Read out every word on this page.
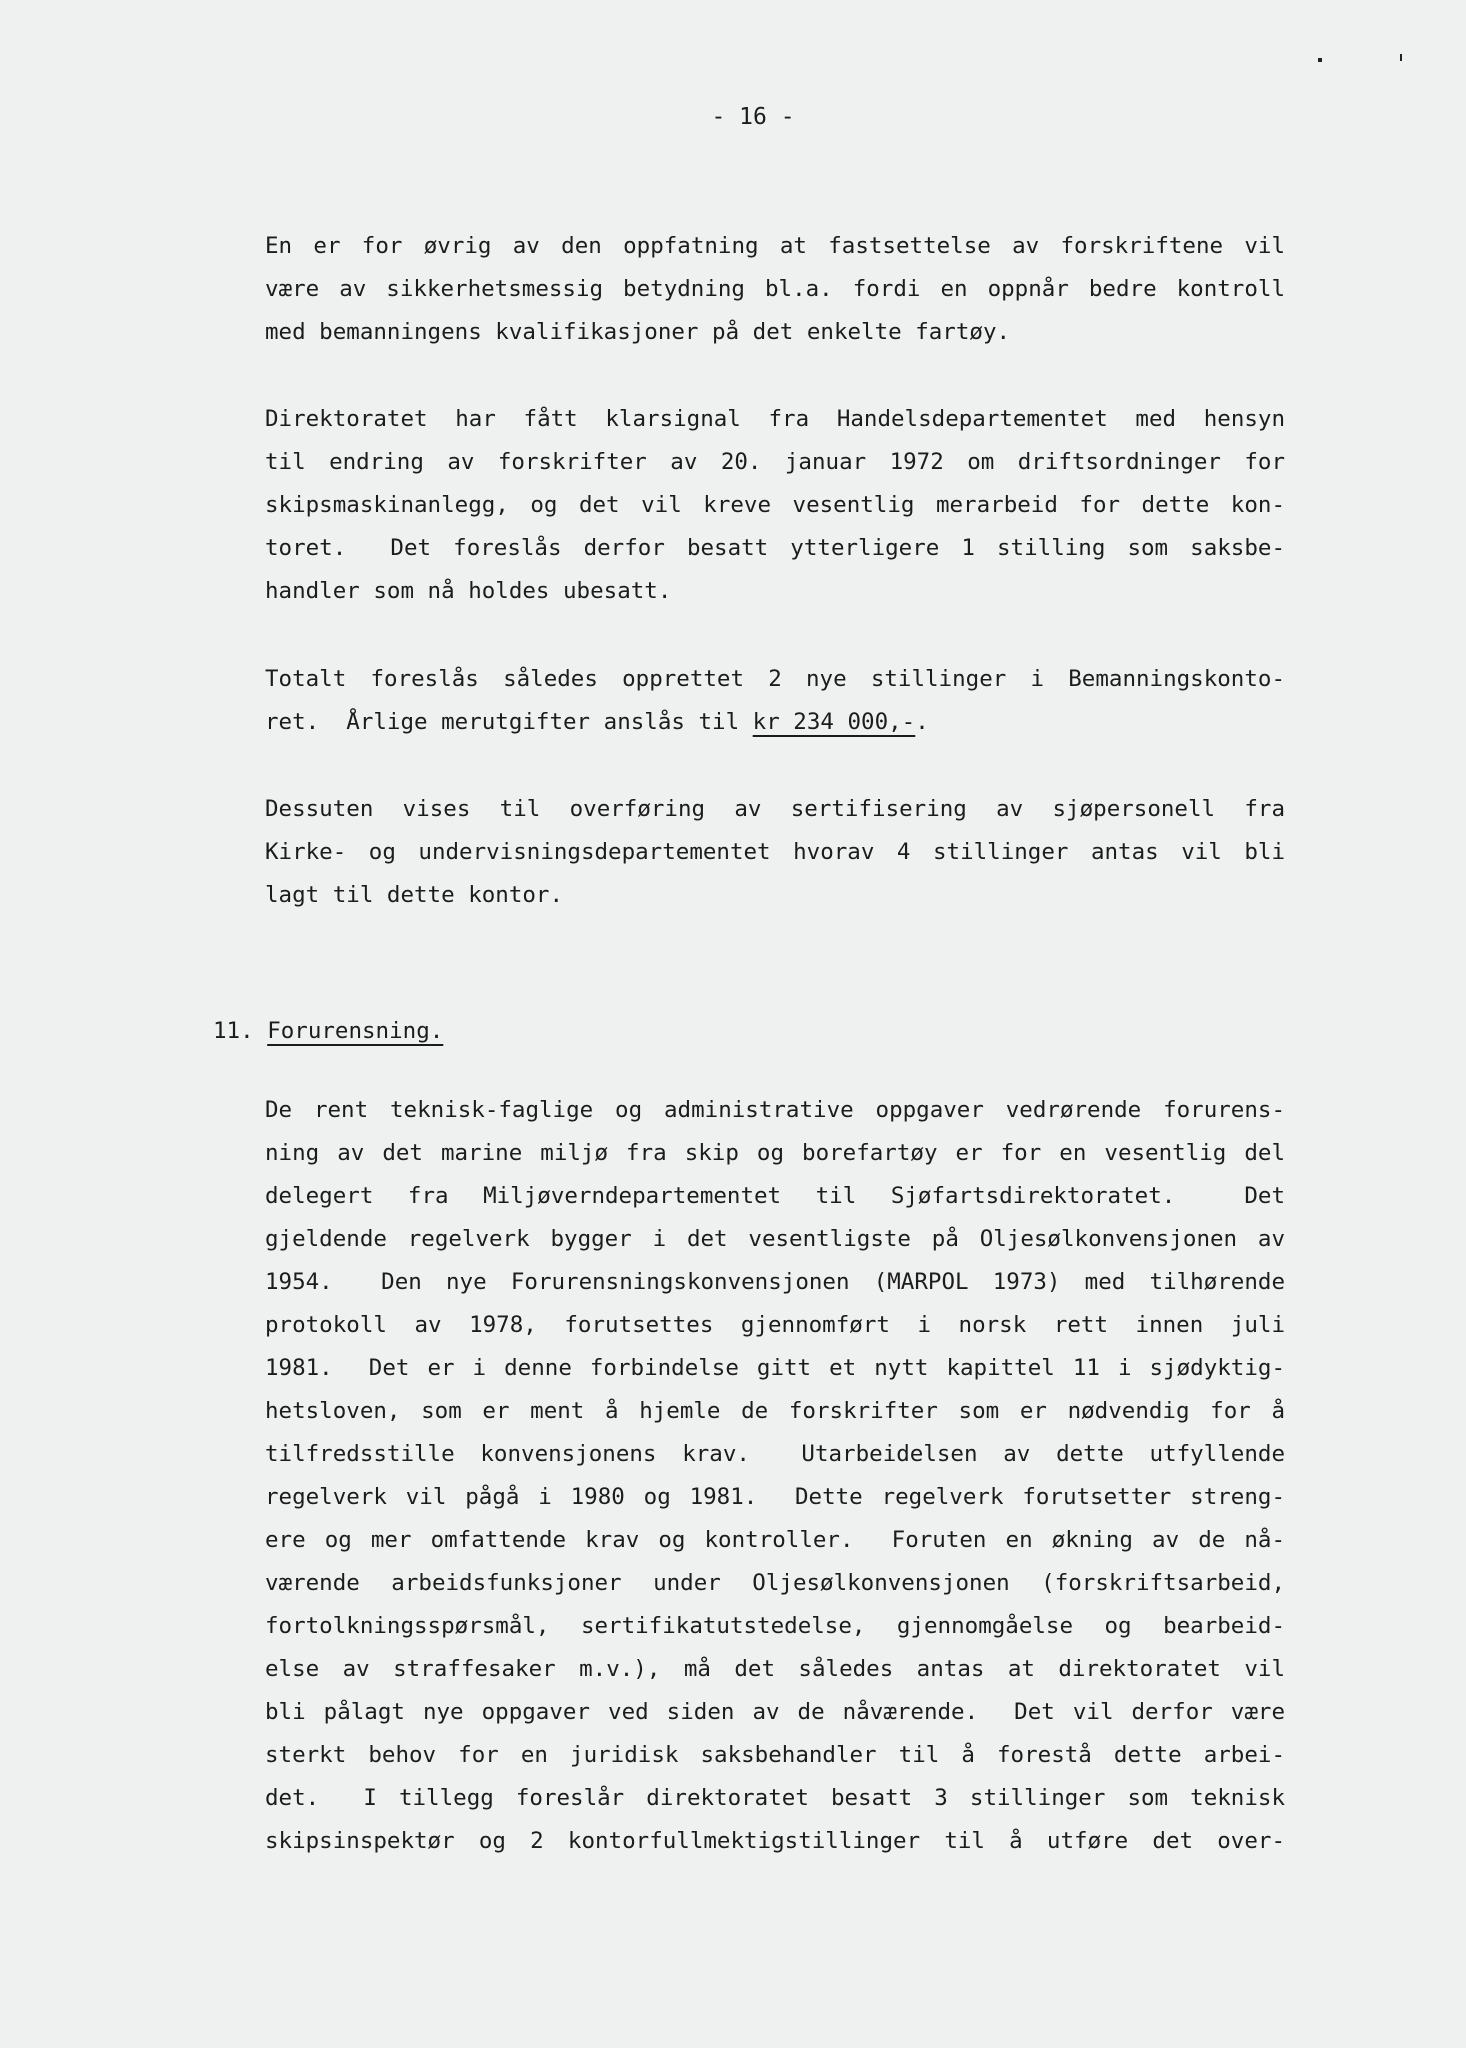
- 16 -
En er for øvrig av den oppfatning at fastsettelse av forskriftene vil
være av sikkerhetsmessig betydning bl.a. fordi en oppnår bedre kontroll
med bemanningens kvalifikasjoner på det enkelte fartøy.
Direktoratet har fått klarsignal fra Handelsdepartementet med hensyn
til endring av forskrifter av 20. januar 1972 om driftsordninger for
skipsmaskinanlegg, og det vil kreve vesentlig merarbeid for dette kon-
toret.  Det foreslås derfor besatt ytterligere 1 stilling som saksbe-
handler som nå holdes ubesatt.
Totalt foreslås således opprettet 2 nye stillinger i Bemanningskonto-
ret.  Årlige merutgifter anslås til kr 234 000,-.
Dessuten vises til overføring av sertifisering av sjøpersonell fra
Kirke- og undervisningsdepartementet hvorav 4 stillinger antas vil bli
lagt til dette kontor.
11. Forurensning.
De rent teknisk-faglige og administrative oppgaver vedrørende forurens-
ning av det marine miljø fra skip og borefartøy er for en vesentlig del
delegert fra Miljøverndepartementet til Sjøfartsdirektoratet.  Det
gjeldende regelverk bygger i det vesentligste på Oljesølkonvensjonen av
1954.  Den nye Forurensningskonvensjonen (MARPOL 1973) med tilhørende
protokoll av 1978, forutsettes gjennomført i norsk rett innen juli
1981.  Det er i denne forbindelse gitt et nytt kapittel 11 i sjødyktig-
hetsloven, som er ment å hjemle de forskrifter som er nødvendig for å
tilfredsstille konvensjonens krav.  Utarbeidelsen av dette utfyllende
regelverk vil pågå i 1980 og 1981.  Dette regelverk forutsetter streng-
ere og mer omfattende krav og kontroller.  Foruten en økning av de nå-
værende arbeidsfunksjoner under Oljesølkonvensjonen (forskriftsarbeid,
fortolkningsspørsmål, sertifikatutstedelse, gjennomgåelse og bearbeid-
else av straffesaker m.v.), må det således antas at direktoratet vil
bli pålagt nye oppgaver ved siden av de nåværende.  Det vil derfor være
sterkt behov for en juridisk saksbehandler til å forestå dette arbei-
det.  I tillegg foreslår direktoratet besatt 3 stillinger som teknisk
skipsinspektør og 2 kontorfullmektigstillinger til å utføre det over-
